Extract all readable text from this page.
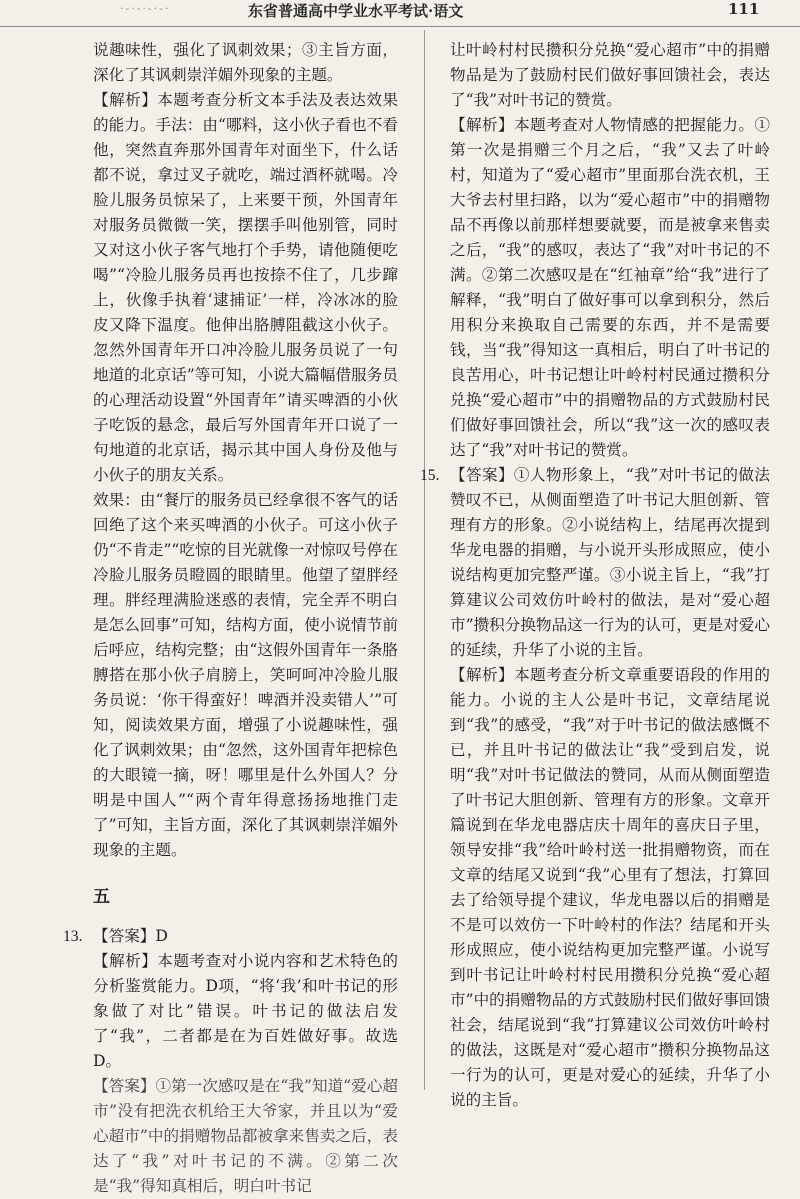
·-·-·-·-·	东省普通高中学业水平考试·语文	111

说趣味性，强化了讽刺效果；③主旨方面，深化了其讽刺崇洋媚外现象的主题。

【解析】本题考查分析文本手法及表达效果的能力。手法：由“哪料，这小伙子看也不看他，突然直奔那外国青年对面坐下，什么话都不说，拿过叉子就吃，端过酒杯就喝。冷脸儿服务员惊呆了，上来要干预，外国青年对服务员微微一笑，摆摆手叫他别管，同时又对这小伙子客气地打个手势，请他随便吃喝”“冷脸儿服务员再也按捺不住了，几步蹿上，伙像手执着‘逮捕证’一样，冷冰冰的脸皮又降下温度。他伸出胳膊阻截这小伙子。忽然外国青年开口冲冷脸儿服务员说了一句地道的北京话”等可知，小说大篇幅借服务员的心理活动设置“外国青年”请买啤酒的小伙子吃饭的悬念，最后写外国青年开口说了一句地道的北京话，揭示其中国人身份及他与小伙子的朋友关系。

效果：由“餐厅的服务员已经拿很不客气的话回绝了这个来买啤酒的小伙子。可这小伙子仍“不肯走”“吃惊的目光就像一对惊叹号停在冷脸儿服务员瞪圆的眼睛里。他望了望胖经理。胖经理满脸迷惑的表情，完全弄不明白是怎么回事”可知，结构方面，使小说情节前后呼应，结构完整；由“这假外国青年一条胳膊搭在那小伙子肩膀上，笑呵呵冲冷脸儿服务员说：‘你干得蛮好！啤酒并没卖错人’”可知，阅读效果方面，增强了小说趣味性，强化了讽刺效果；由“忽然，这外国青年把棕色的大眼镜一摘，呀！哪里是什么外国人？分明是中国人”“两个青年得意扬扬地推门走了”可知，主旨方面，深化了其讽刺崇洋媚外现象的主题。

五

13. 【答案】D

【解析】本题考查对小说内容和艺术特色的分析鉴赏能力。D项，“将‘我’和叶书记的形象做了对比”错误。叶书记的做法启发了“我”，二者都是在为百姓做好事。故选D。

【答案】①第一次感叹是在“我”知道“爱心超市”没有把洗衣机给王大爷家，并且以为“爱心超市”中的捐赠物品都被拿来售卖之后，表达了“我”对叶书记的不满。②第二次是“我”得知真相后，明白叶书记

让叶岭村村民攒积分兑换“爱心超市”中的捐赠物品是为了鼓励村民们做好事回馈社会，表达了“我”对叶书记的赞赏。

【解析】本题考查对人物情感的把握能力。①第一次是捐赠三个月之后，“我”又去了叶岭村，知道为了“爱心超市”里面那台洗衣机，王大爷去村里扫路，以为“爱心超市”中的捐赠物品不再像以前那样想要就要，而是被拿来售卖之后，“我”的感叹，表达了“我”对叶书记的不满。②第二次感叹是在“红袖章”给“我”进行了解释，“我”明白了做好事可以拿到积分，然后用积分来换取自己需要的东西，并不是需要钱，当“我”得知这一真相后，明白了叶书记的良苦用心，叶书记想让叶岭村村民通过攒积分兑换“爱心超市”中的捐赠物品的方式鼓励村民们做好事回馈社会，所以“我”这一次的感叹表达了“我”对叶书记的赞赏。

15. 【答案】①人物形象上，“我”对叶书记的做法赞叹不已，从侧面塑造了叶书记大胆创新、管理有方的形象。②小说结构上，结尾再次提到华龙电器的捐赠，与小说开头形成照应，使小说结构更加完整严谨。③小说主旨上，“我”打算建议公司效仿叶岭村的做法，是对“爱心超市”攒积分换物品这一行为的认可，更是对爱心的延续，升华了小说的主旨。

【解析】本题考查分析文章重要语段的作用的能力。小说的主人公是叶书记，文章结尾说到“我”的感受，“我”对于叶书记的做法感慨不已，并且叶书记的做法让“我”受到启发，说明“我”对叶书记做法的赞同，从而从侧面塑造了叶书记大胆创新、管理有方的形象。文章开篇说到在华龙电器店庆十周年的喜庆日子里，领导安排“我”给叶岭村送一批捐赠物资，而在文章的结尾又说到“我”心里有了想法，打算回去了给领导提个建议，华龙电器以后的捐赠是不是可以效仿一下叶岭村的作法？结尾和开头形成照应，使小说结构更加完整严谨。小说写到叶书记让叶岭村村民用攒积分兑换“爱心超市”中的捐赠物品的方式鼓励村民们做好事回馈社会，结尾说到“我”打算建议公司效仿叶岭村的做法，这既是对“爱心超市”攒积分换物品这一行为的认可，更是对爱心的延续，升华了小说的主旨。
